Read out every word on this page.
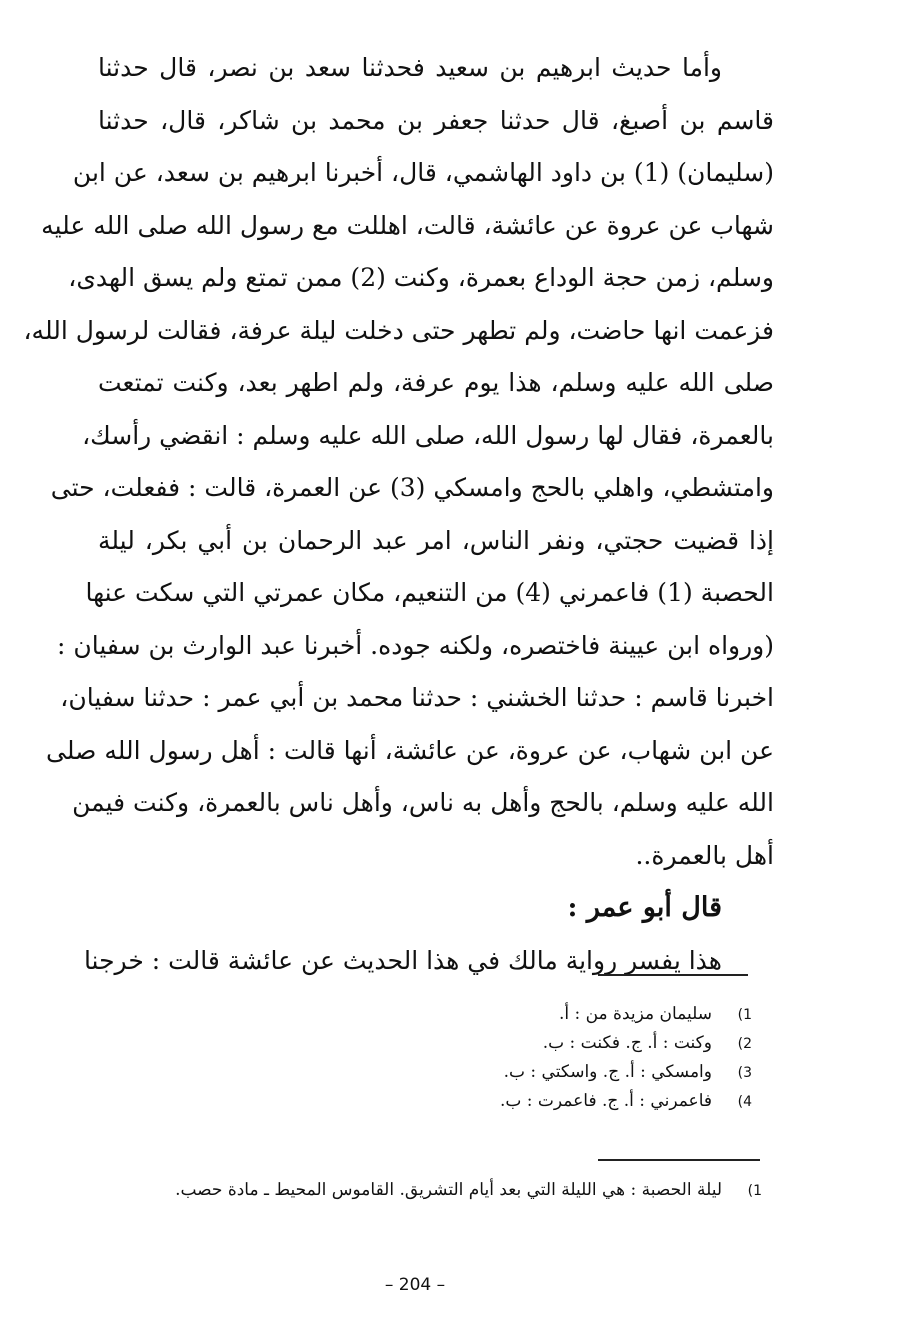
وأما حديث ابرهيم بن سعيد فحدثنا سعد بن نصر، قال حدثنا
قاسم بن أصبغ، قال حدثنا جعفر بن محمد بن شاكر، قال، حدثنا
(سليمان) (1) بن داود الهاشمي، قال، أخبرنا ابرهيم بن سعد، عن ابن
شهاب عن عروة عن عائشة، قالت، اهللت مع رسول الله صلى الله عليه
وسلم، زمن حجة الوداع بعمرة، وكنت (2) ممن تمتع ولم يسق الهدى،
فزعمت انها حاضت، ولم تطهر حتى دخلت ليلة عرفة، فقالت لرسول الله،
صلى الله عليه وسلم، هذا يوم عرفة، ولم اطهر بعد، وكنت تمتعت
بالعمرة، فقال لها رسول الله، صلى الله عليه وسلم : انقضي رأسك،
وامتشطي، واهلي بالحج وامسكي (3) عن العمرة، قالت : ففعلت، حتى
إذا قضيت حجتي، ونفر الناس، امر عبد الرحمان بن أبي بكر، ليلة
الحصبة (1) فاعمرني (4) من التنعيم، مكان عمرتي التي سكت عنها
(ورواه ابن عيينة فاختصره، ولكنه جوده. أخبرنا عبد الوارث بن سفيان :
اخبرنا قاسم : حدثنا الخشني : حدثنا محمد بن أبي عمر : حدثنا سفيان،
عن ابن شهاب، عن عروة، عن عائشة، أنها قالت : أهل رسول الله صلى
الله عليه وسلم، بالحج وأهل به ناس، وأهل ناس بالعمرة، وكنت فيمن
أهل بالعمرة..
قال أبو عمر :
هذا يفسر رواية مالك في هذا الحديث عن عائشة قالت : خرجنا
1)سليمان مزيدة من : أ.
2)وكنت : أ. ج. فكنت : ب.
3)وامسكي : أ. ج. واسكتي : ب.
4)فاعمرني : أ. ج. فاعمرت : ب.
1)ليلة الحصبة : هي الليلة التي بعد أيام التشريق. القاموس المحيط ـ مادة حصب.
– 204 –
